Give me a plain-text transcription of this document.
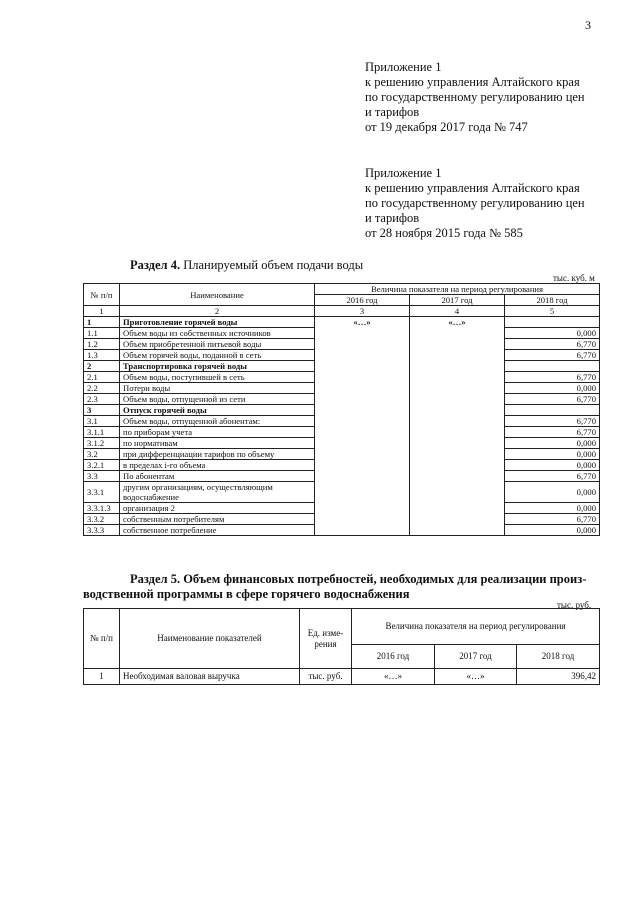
3
Приложение 1
к решению управления Алтайского края
по государственному регулированию цен
и тарифов
от 19 декабря 2017 года № 747
Приложение 1
к решению управления Алтайского края
по государственному регулированию цен
и тарифов
от 28 ноября 2015 года № 585
Раздел 4. Планируемый объем подачи воды
тыс. куб. м
№ п/п	Наименование	Величина показателя на период регулирования		
		2016 год	2017 год	2018 год
1	2	3	4	5
1	Приготовление горячей воды	«…»	«…»	
1.1	Объем воды из собственных источников			0,000
1.2	Объем приобретенной питьевой воды			6,770
1.3	Объем горячей воды, поданной в сеть			6,770
2	Транспортировка горячей воды			
2.1	Объем воды, поступившей в сеть			6,770
2.2	Потери воды			0,000
2.3	Объем воды, отпущенной из сети			6,770
3	Отпуск горячей воды			
3.1	Объем воды, отпущенной абонентам:			6,770
3.1.1	по приборам учета			6,770
3.1.2	по нормативам			0,000
3.2	при дифференциации тарифов по объему			0,000
3.2.1	в пределах i-го объема			0,000
3.3	По абонентам			6,770
3.3.1	другим организациям, осуществляющим водоснабжение			0,000
3.3.1.3	организация 2			0,000
3.3.2	собственным потребителям			6,770
3.3.3	собственное потребление			0,000
Раздел 5. Объем финансовых потребностей, необходимых для реализации произ-
водственной программы в сфере горячего водоснабжения
тыс. руб.
№ п/п	Наименование показателей	Ед. изме-рения	Величина показателя на период регулирования		
			2016 год	2017 год	2018 год
1	Необходимая валовая выручка	тыс. руб.	«…»	«…»	396,42
